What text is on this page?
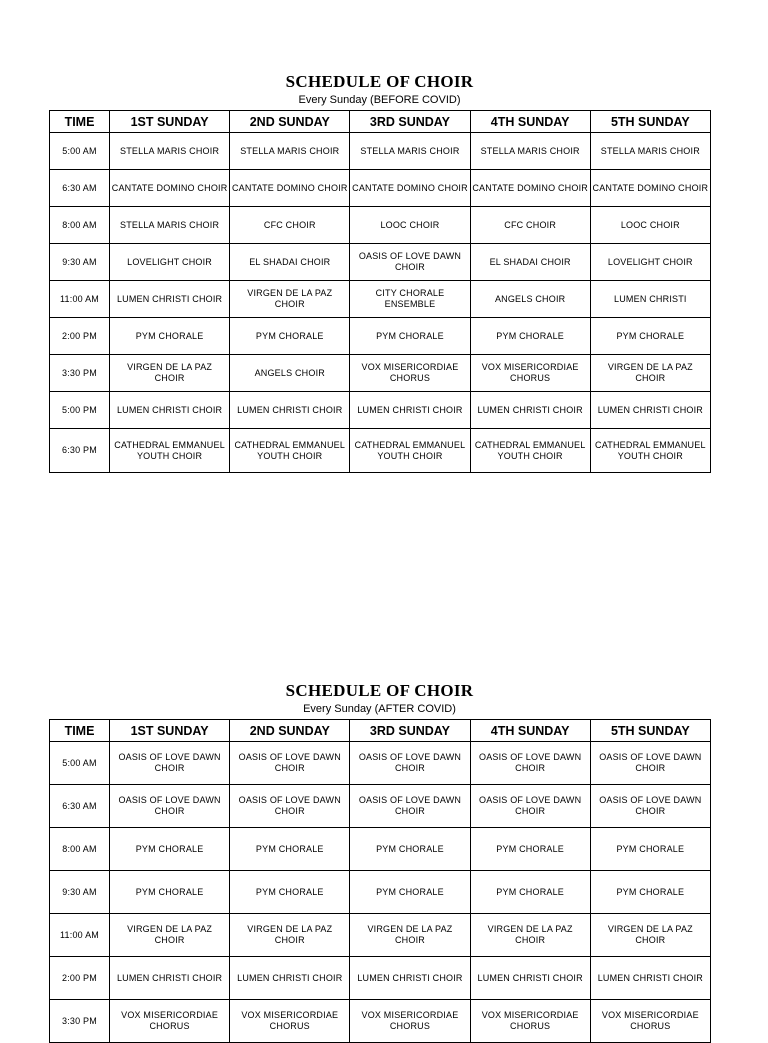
SCHEDULE OF CHOIR
Every Sunday (BEFORE COVID)
TIME	1ST SUNDAY	2ND SUNDAY	3RD SUNDAY	4TH SUNDAY	5TH SUNDAY
5:00 AM	STELLA MARIS CHOIR	STELLA MARIS CHOIR	STELLA MARIS CHOIR	STELLA MARIS CHOIR	STELLA MARIS CHOIR
6:30 AM	CANTATE DOMINO CHOIR	CANTATE DOMINO CHOIR	CANTATE DOMINO CHOIR	CANTATE DOMINO CHOIR	CANTATE DOMINO CHOIR
8:00 AM	STELLA MARIS CHOIR	CFC CHOIR	LOOC CHOIR	CFC CHOIR	LOOC CHOIR
9:30 AM	LOVELIGHT CHOIR	EL SHADAI CHOIR	OASIS OF LOVE DAWN CHOIR	EL SHADAI CHOIR	LOVELIGHT CHOIR
11:00 AM	LUMEN CHRISTI CHOIR	VIRGEN DE LA PAZ CHOIR	CITY CHORALE ENSEMBLE	ANGELS CHOIR	LUMEN CHRISTI
2:00 PM	PYM CHORALE	PYM CHORALE	PYM CHORALE	PYM CHORALE	PYM CHORALE
3:30 PM	VIRGEN DE LA PAZ CHOIR	ANGELS CHOIR	VOX MISERICORDIAE CHORUS	VOX MISERICORDIAE CHORUS	VIRGEN DE LA PAZ CHOIR
5:00 PM	LUMEN CHRISTI CHOIR	LUMEN CHRISTI CHOIR	LUMEN CHRISTI CHOIR	LUMEN CHRISTI CHOIR	LUMEN CHRISTI CHOIR
6:30 PM	CATHEDRAL EMMANUEL YOUTH CHOIR	CATHEDRAL EMMANUEL YOUTH CHOIR	CATHEDRAL EMMANUEL YOUTH CHOIR	CATHEDRAL EMMANUEL YOUTH CHOIR	CATHEDRAL EMMANUEL YOUTH CHOIR
SCHEDULE OF CHOIR
Every Sunday (AFTER COVID)
TIME	1ST SUNDAY	2ND SUNDAY	3RD SUNDAY	4TH SUNDAY	5TH SUNDAY
5:00 AM	OASIS OF LOVE DAWN CHOIR	OASIS OF LOVE DAWN CHOIR	OASIS OF LOVE DAWN CHOIR	OASIS OF LOVE DAWN CHOIR	OASIS OF LOVE DAWN CHOIR
6:30 AM	OASIS OF LOVE DAWN CHOIR	OASIS OF LOVE DAWN CHOIR	OASIS OF LOVE DAWN CHOIR	OASIS OF LOVE DAWN CHOIR	OASIS OF LOVE DAWN CHOIR
8:00 AM	PYM CHORALE	PYM CHORALE	PYM CHORALE	PYM CHORALE	PYM CHORALE
9:30 AM	PYM CHORALE	PYM CHORALE	PYM CHORALE	PYM CHORALE	PYM CHORALE
11:00 AM	VIRGEN DE LA PAZ CHOIR	VIRGEN DE LA PAZ CHOIR	VIRGEN DE LA PAZ CHOIR	VIRGEN DE LA PAZ CHOIR	VIRGEN DE LA PAZ CHOIR
2:00 PM	LUMEN CHRISTI CHOIR	LUMEN CHRISTI CHOIR	LUMEN CHRISTI CHOIR	LUMEN CHRISTI CHOIR	LUMEN CHRISTI CHOIR
3:30 PM	VOX MISERICORDIAE CHORUS	VOX MISERICORDIAE CHORUS	VOX MISERICORDIAE CHORUS	VOX MISERICORDIAE CHORUS	VOX MISERICORDIAE CHORUS
